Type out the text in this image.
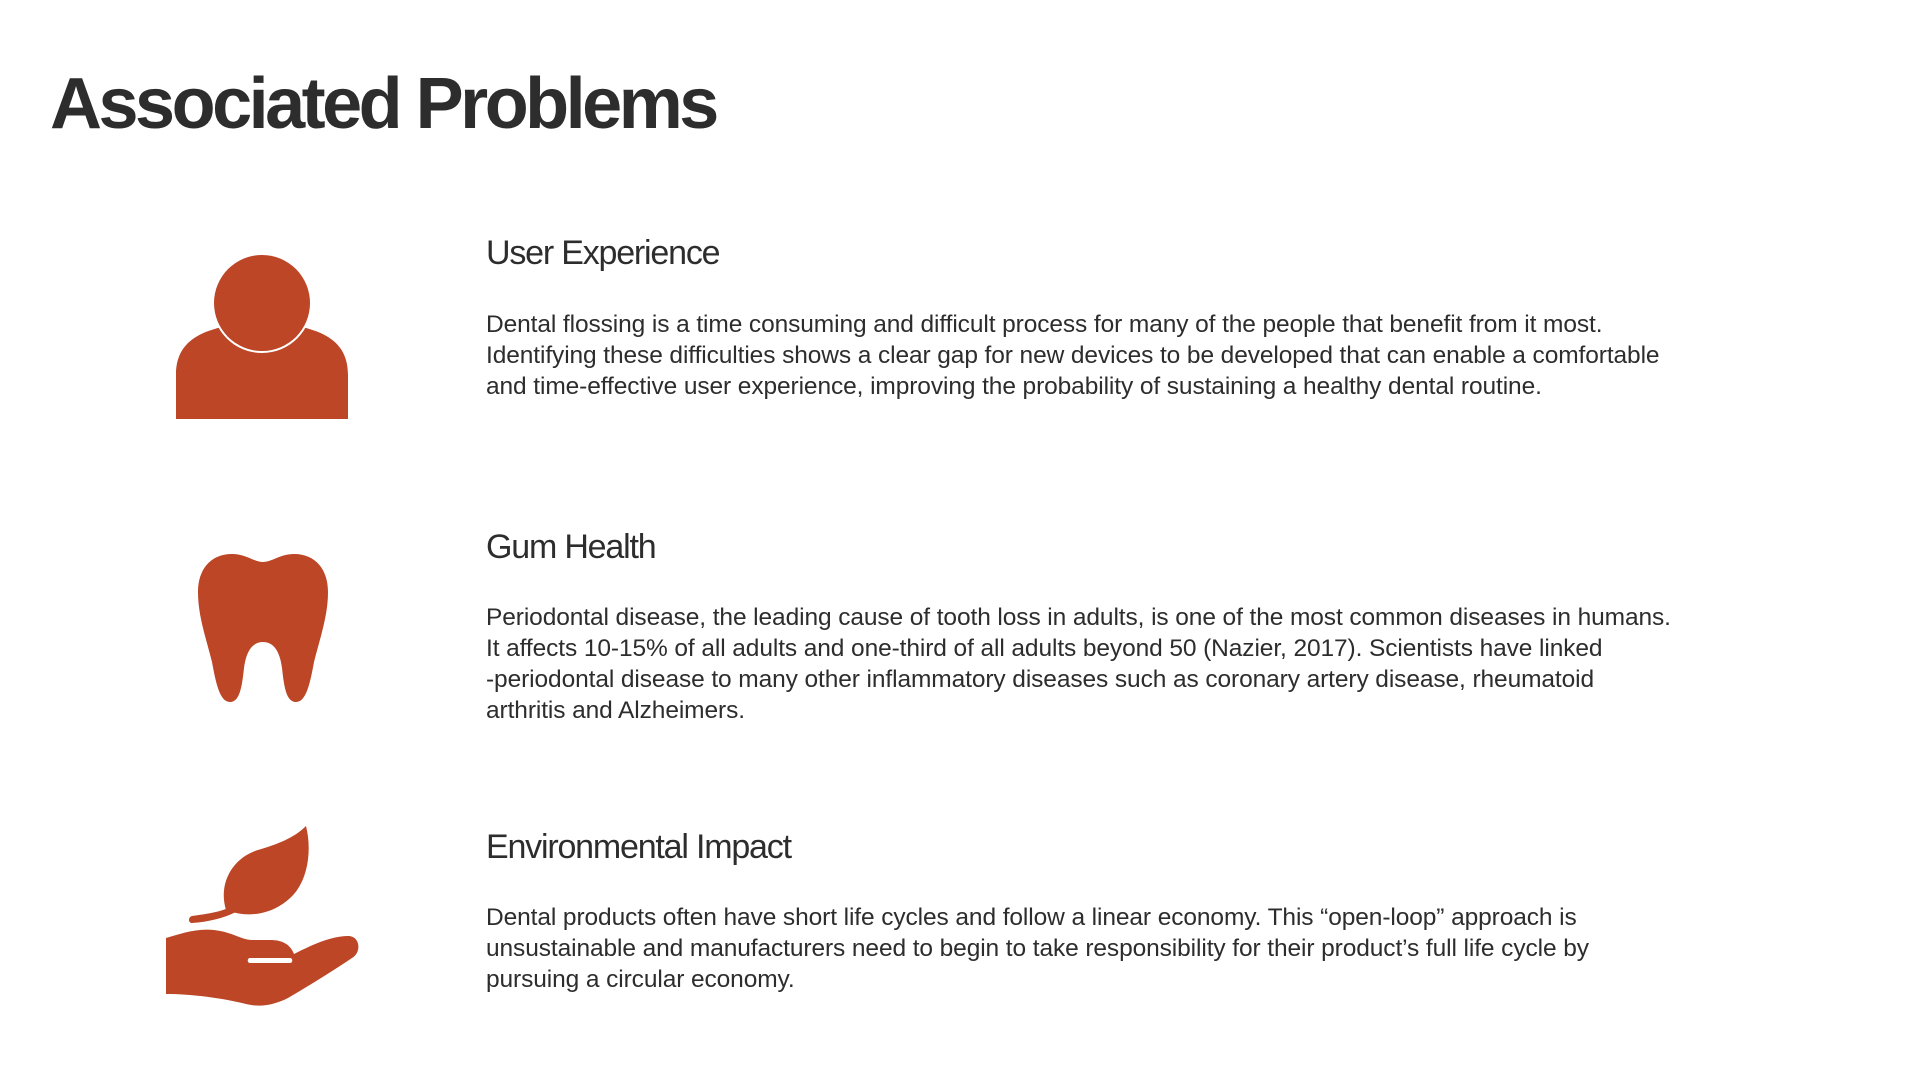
Associated Problems
User Experience

Dental flossing is a time consuming and difficult process for many of the people that benefit from it most.
Identifying these difficulties shows a clear gap for new devices to be developed that can enable a comfortable
and time-effective user experience, improving the probability of sustaining a healthy dental routine.

Gum Health

Periodontal disease, the leading cause of tooth loss in adults, is one of the most common diseases in humans.
It affects 10-15% of all adults and one-third of all adults beyond 50 (Nazier, 2017). Scientists have linked
-periodontal disease to many other inflammatory diseases such as coronary artery disease, rheumatoid
arthritis and Alzheimers.

Environmental Impact

Dental products often have short life cycles and follow a linear economy. This “open-loop” approach is
unsustainable and manufacturers need to begin to take responsibility for their product’s full life cycle by
pursuing a circular economy.
